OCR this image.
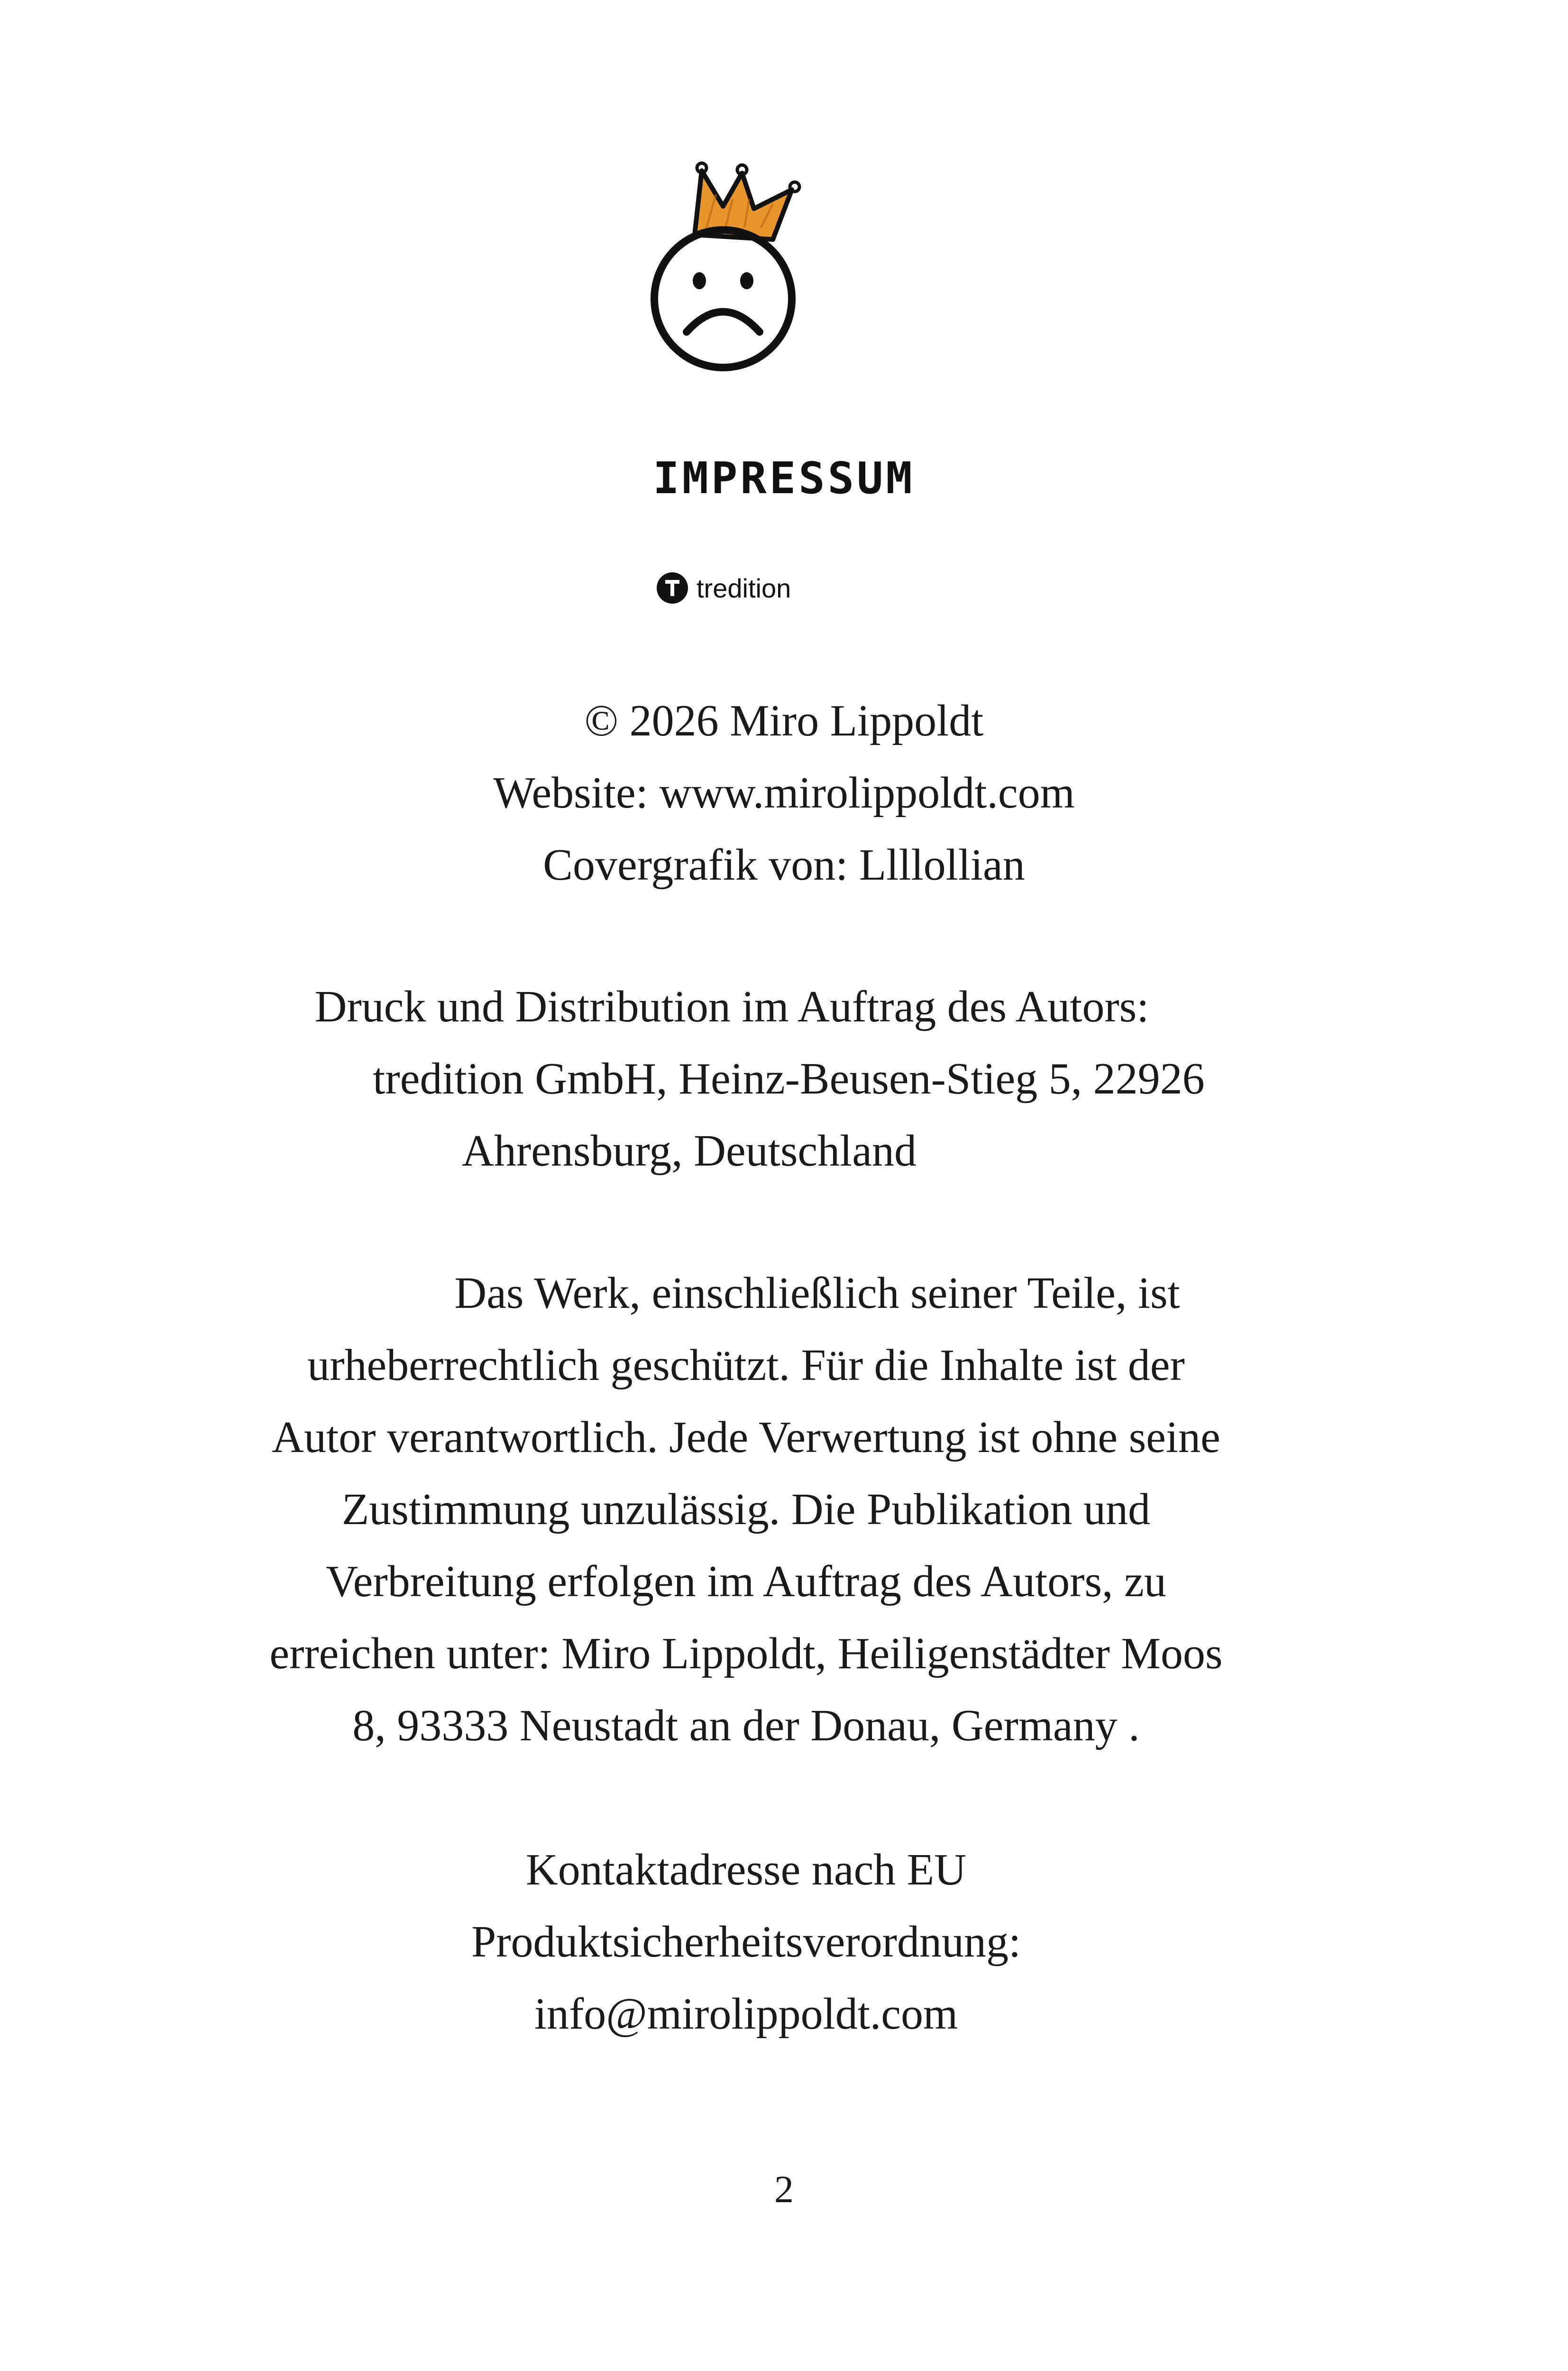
IMPRESSUM
tredition
© 2026 Miro Lippoldt
Website: www.mirolippoldt.com
Covergrafik von: Llllollian
Druck und Distribution im Auftrag des Autors:
tredition GmbH, Heinz-Beusen-Stieg 5, 22926
Ahrensburg, Deutschland
Das Werk, einschließlich seiner Teile, ist
urheberrechtlich geschützt. Für die Inhalte ist der
Autor verantwortlich. Jede Verwertung ist ohne seine
Zustimmung unzulässig. Die Publikation und
Verbreitung erfolgen im Auftrag des Autors, zu
erreichen unter: Miro Lippoldt, Heiligenstädter Moos
8, 93333 Neustadt an der Donau, Germany .
Kontaktadresse nach EU
Produktsicherheitsverordnung:
info@mirolippoldt.com
2
